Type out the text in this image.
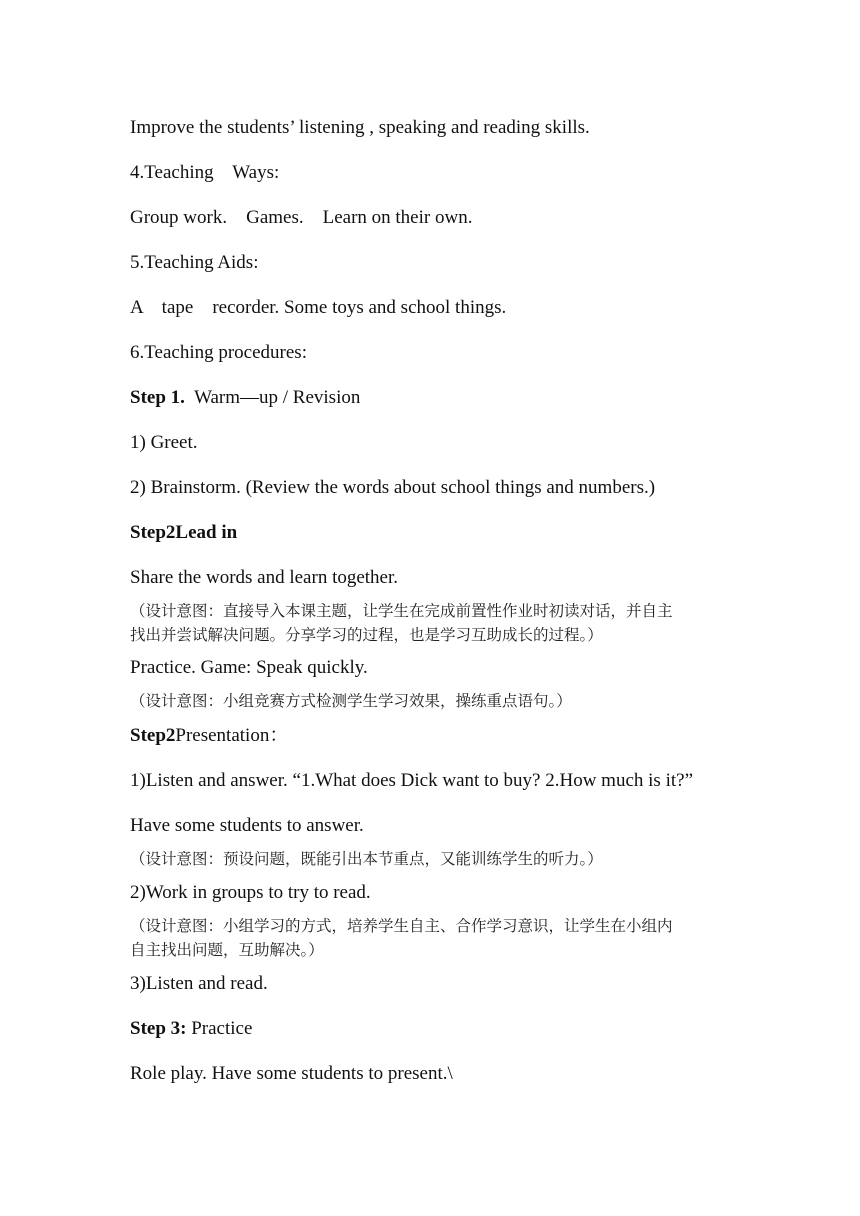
Improve the students’ listening , speaking and reading skills.
4.Teaching    Ways:
Group work.    Games.    Learn on their own.
5.Teaching Aids:
A    tape    recorder. Some toys and school things.
6.Teaching procedures:
Step 1.  Warm—up / Revision
1) Greet.
2) Brainstorm. (Review the words about school things and numbers.)
Step2Lead in
Share the words and learn together.
（设计意图：直接导入本课主题，让学生在完成前置性作业时初读对话，并自主
找出并尝试解决问题。分享学习的过程，也是学习互助成长的过程。）
Practice. Game: Speak quickly.
（设计意图：小组竞赛方式检测学生学习效果，操练重点语句。）
Step2Presentation：
1)Listen and answer. “1.What does Dick want to buy? 2.How much is it?”
Have some students to answer.
（设计意图：预设问题，既能引出本节重点，又能训练学生的听力。）
2)Work in groups to try to read.
（设计意图：小组学习的方式，培养学生自主、合作学习意识，让学生在小组内
自主找出问题，互助解决。）
3)Listen and read.
Step 3: Practice
Role play. Have some students to present.\
